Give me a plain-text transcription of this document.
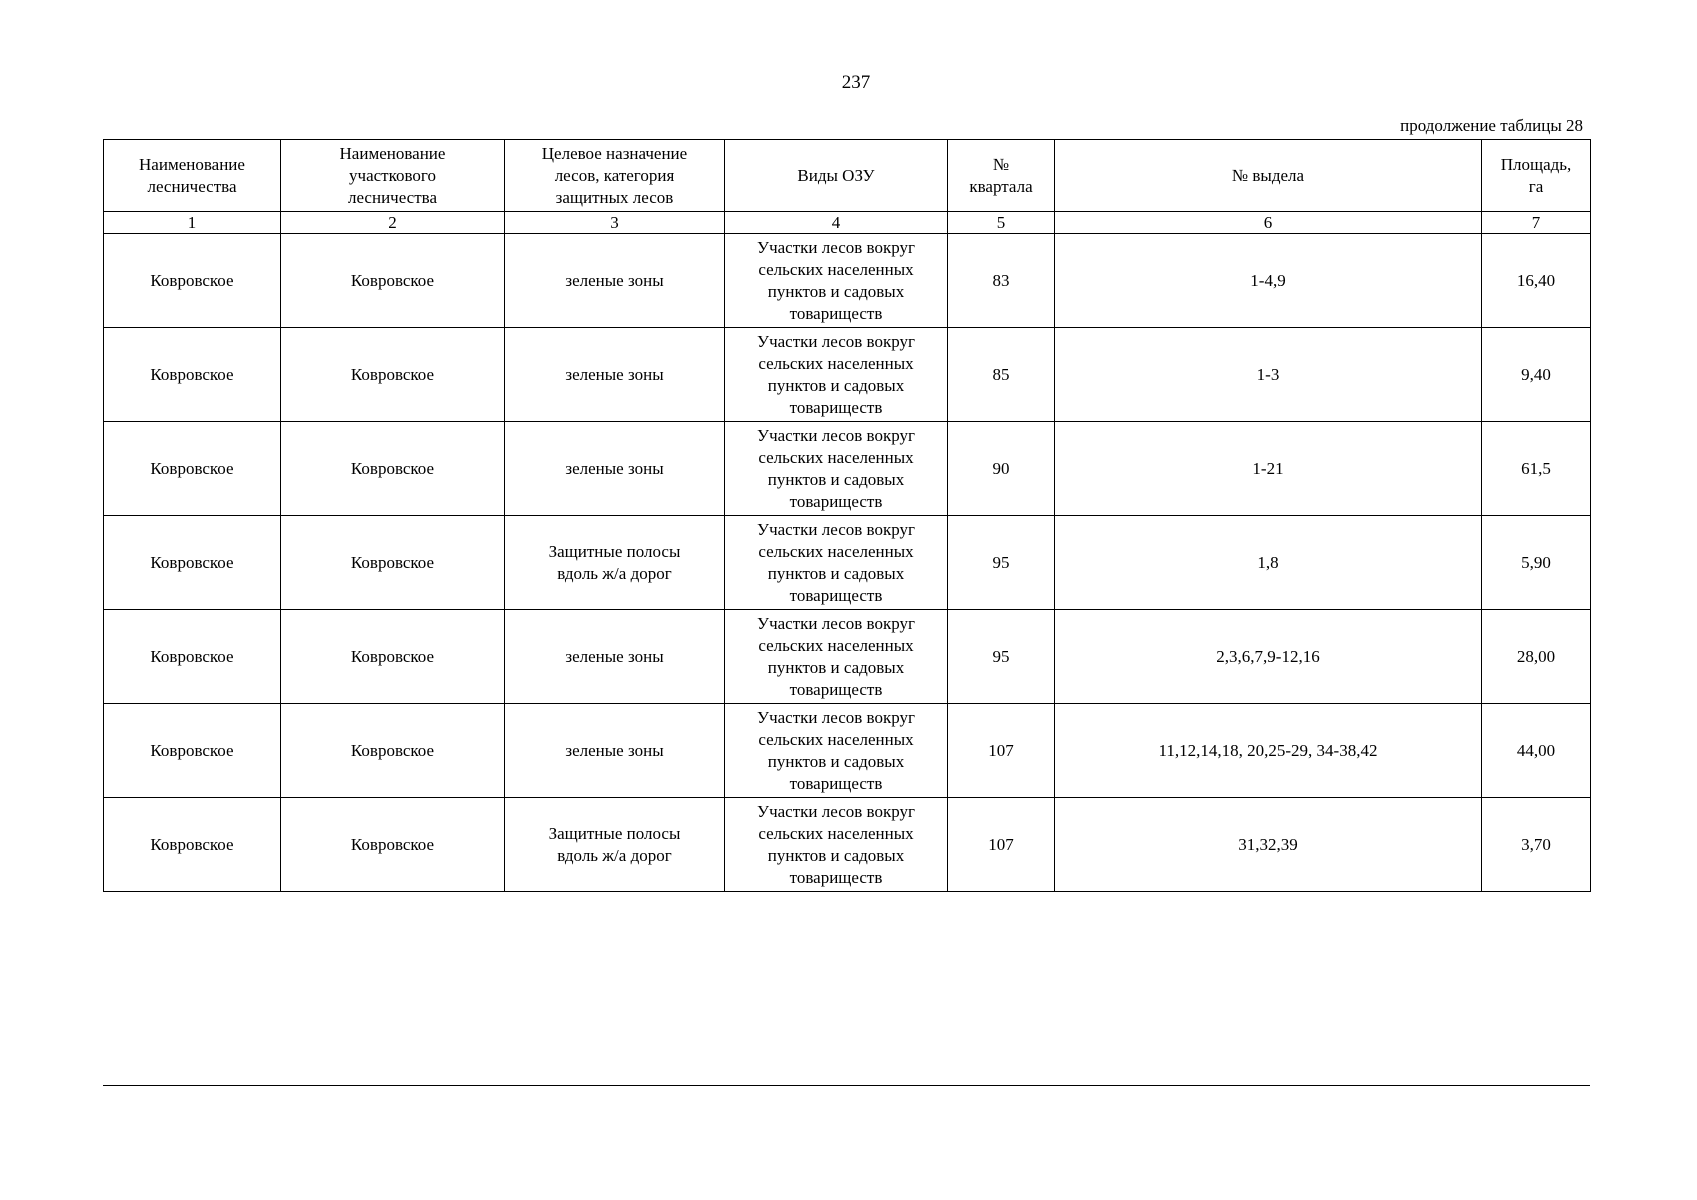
237
продолжение таблицы 28
Наименование
лесничества	Наименование
участкового
лесничества	Целевое назначение
лесов, категория
защитных лесов	Виды ОЗУ	№
квартала	№ выдела	Площадь,
га

1	2	3	4	5	6	7
Ковровское	Ковровское	зеленые зоны	Участки лесов вокруг
сельских населенных
пунктов и садовых
товариществ	83	1-4,9	16,40
Ковровское	Ковровское	зеленые зоны	Участки лесов вокруг
сельских населенных
пунктов и садовых
товариществ	85	1-3	9,40
Ковровское	Ковровское	зеленые зоны	Участки лесов вокруг
сельских населенных
пунктов и садовых
товариществ	90	1-21	61,5
Ковровское	Ковровское	Защитные полосы
вдоль ж/а дорог	Участки лесов вокруг
сельских населенных
пунктов и садовых
товариществ	95	1,8	5,90
Ковровское	Ковровское	зеленые зоны	Участки лесов вокруг
сельских населенных
пунктов и садовых
товариществ	95	2,3,6,7,9-12,16	28,00
Ковровское	Ковровское	зеленые зоны	Участки лесов вокруг
сельских населенных
пунктов и садовых
товариществ	107	11,12,14,18, 20,25-29, 34-38,42	44,00
Ковровское	Ковровское	Защитные полосы
вдоль ж/а дорог	Участки лесов вокруг
сельских населенных
пунктов и садовых
товариществ	107	31,32,39	3,70
